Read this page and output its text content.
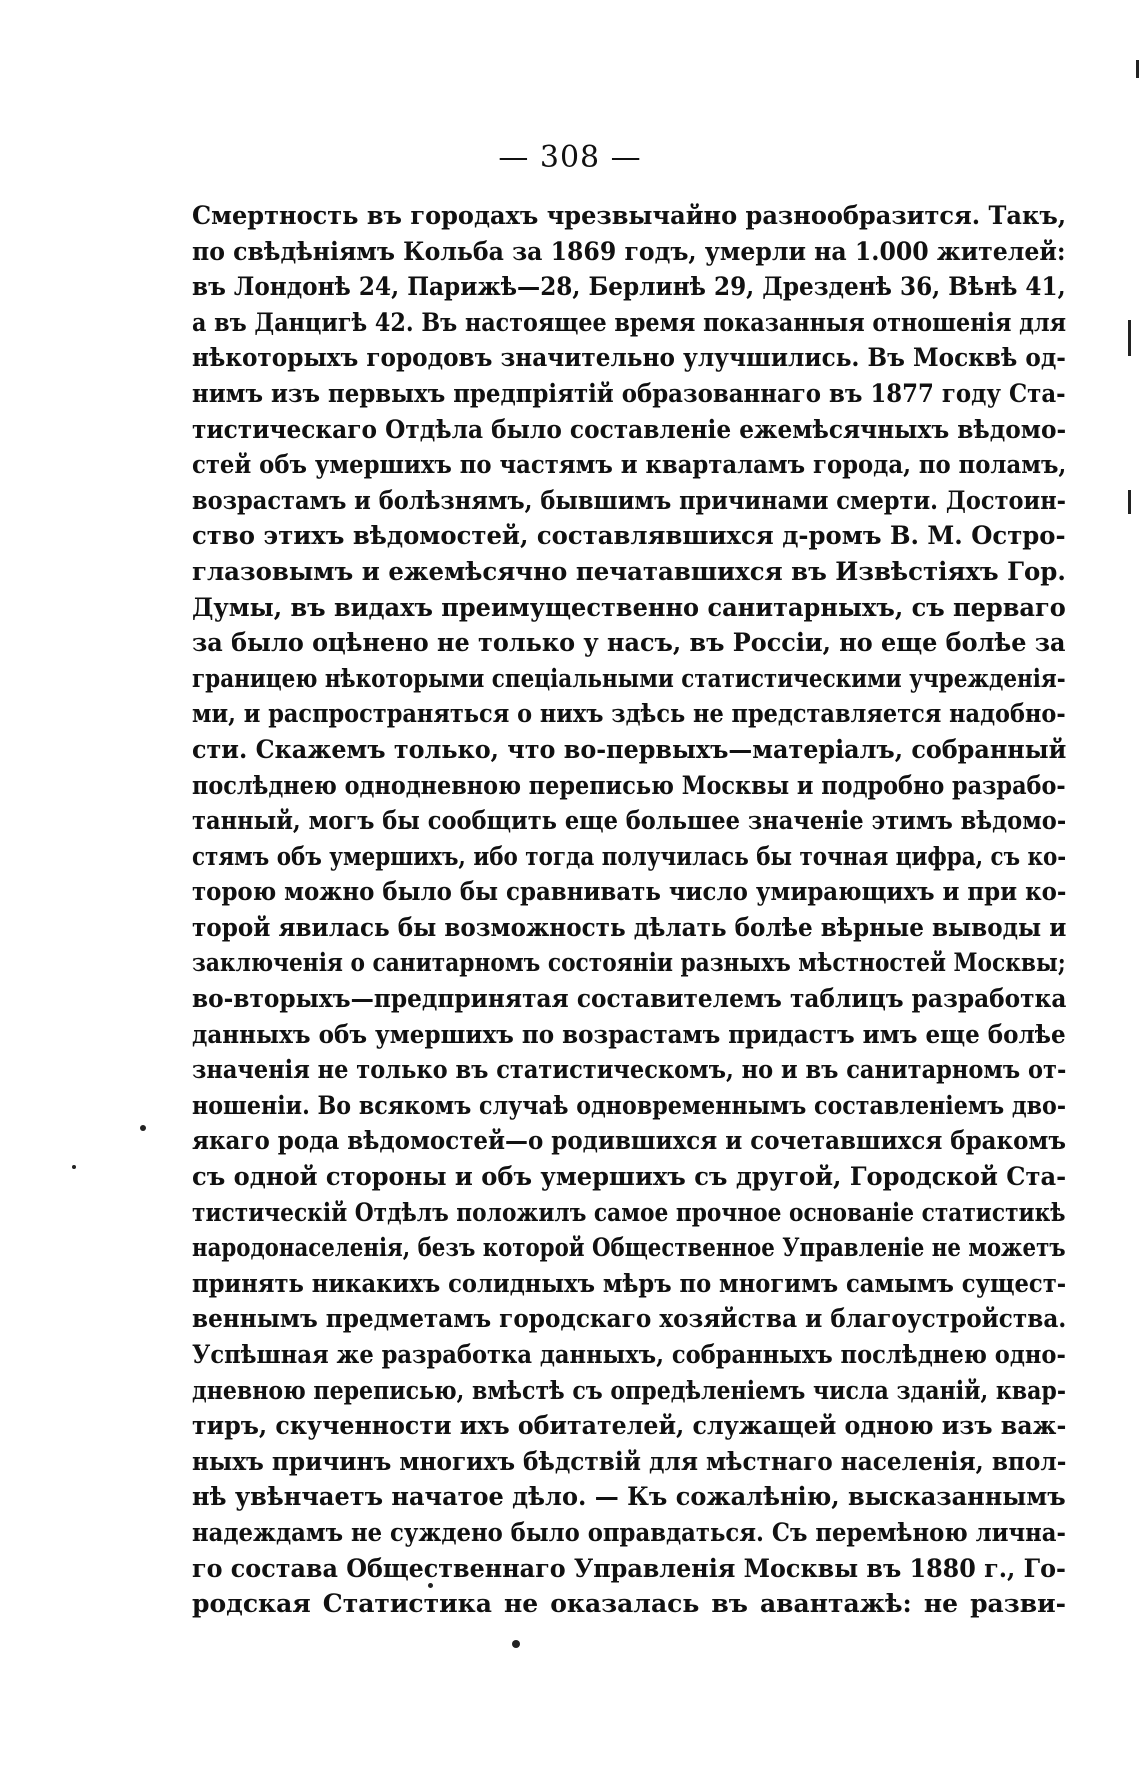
— 308 —
Смертность въ городахъ чрезвычайно разнообразится. Такъ,
по свѣдѣніямъ Кольба за 1869 годъ, умерли на 1.000 жителей:
въ Лондонѣ 24, Парижѣ—28, Берлинѣ 29, Дрезденѣ 36, Вѣнѣ 41,
а въ Данцигѣ 42. Въ настоящее время показанныя отношенія для
нѣкоторыхъ городовъ значительно улучшились. Въ Москвѣ од-
нимъ изъ первыхъ предпріятій образованнаго въ 1877 году Ста-
тистическаго Отдѣла было составленіе ежемѣсячныхъ вѣдомо-
стей объ умершихъ по частямъ и кварталамъ города, по поламъ,
возрастамъ и болѣзнямъ, бывшимъ причинами смерти. Достоин-
ство этихъ вѣдомостей, составлявшихся д-ромъ В. М. Остро-
глазовымъ и ежемѣсячно печатавшихся въ Извѣстіяхъ Гор.
Думы, въ видахъ преимущественно санитарныхъ, съ перваго
за было оцѣнено не только у насъ, въ Россіи, но еще болѣе за
границею нѣкоторыми спеціальными статистическими учрежденія-
ми, и распространяться о нихъ здѣсь не представляется надобно-
сти. Скажемъ только, что во-первыхъ—матеріалъ, собранный
послѣднею однодневною переписью Москвы и подробно разрабо-
танный, могъ бы сообщить еще большее значеніе этимъ вѣдомо-
стямъ объ умершихъ, ибо тогда получилась бы точная цифра, съ ко-
торою можно было бы сравнивать число умирающихъ и при ко-
торой явилась бы возможность дѣлать болѣе вѣрные выводы и
заключенія о санитарномъ состояніи разныхъ мѣстностей Москвы;
во-вторыхъ—предпринятая составителемъ таблицъ разработка
данныхъ объ умершихъ по возрастамъ придастъ имъ еще болѣе
значенія не только въ статистическомъ, но и въ санитарномъ от-
ношеніи. Во всякомъ случаѣ одновременнымъ составленіемъ двo-
якаго рода вѣдомостей—о родившихся и сочетавшихся бракомъ
съ одной стороны и объ умершихъ съ другой, Городской Ста-
тистическій Отдѣлъ положилъ самое прочное основаніе статистикѣ
народонаселенія, безъ которой Общественное Управленіе не можетъ
принять никакихъ солидныхъ мѣръ по многимъ самымъ сущест-
веннымъ предметамъ городскаго хозяйства и благоустройства.
Успѣшная же разработка данныхъ, собранныхъ послѣднею одно-
дневною переписью, вмѣстѣ съ опредѣленіемъ числа зданій, квар-
тиръ, скученности ихъ обитателей, служащей одною изъ важ-
ныхъ причинъ многихъ бѣдствій для мѣстнаго населенія, впол-
нѣ увѣнчаетъ начатое дѣло. — Къ сожалѣнію, высказаннымъ
надеждамъ не суждено было оправдаться. Съ перемѣною лична-
го состава Общественнаго Управленія Москвы въ 1880 г., Го-
родская Статистика не оказалась въ авантажѣ: не разви-
